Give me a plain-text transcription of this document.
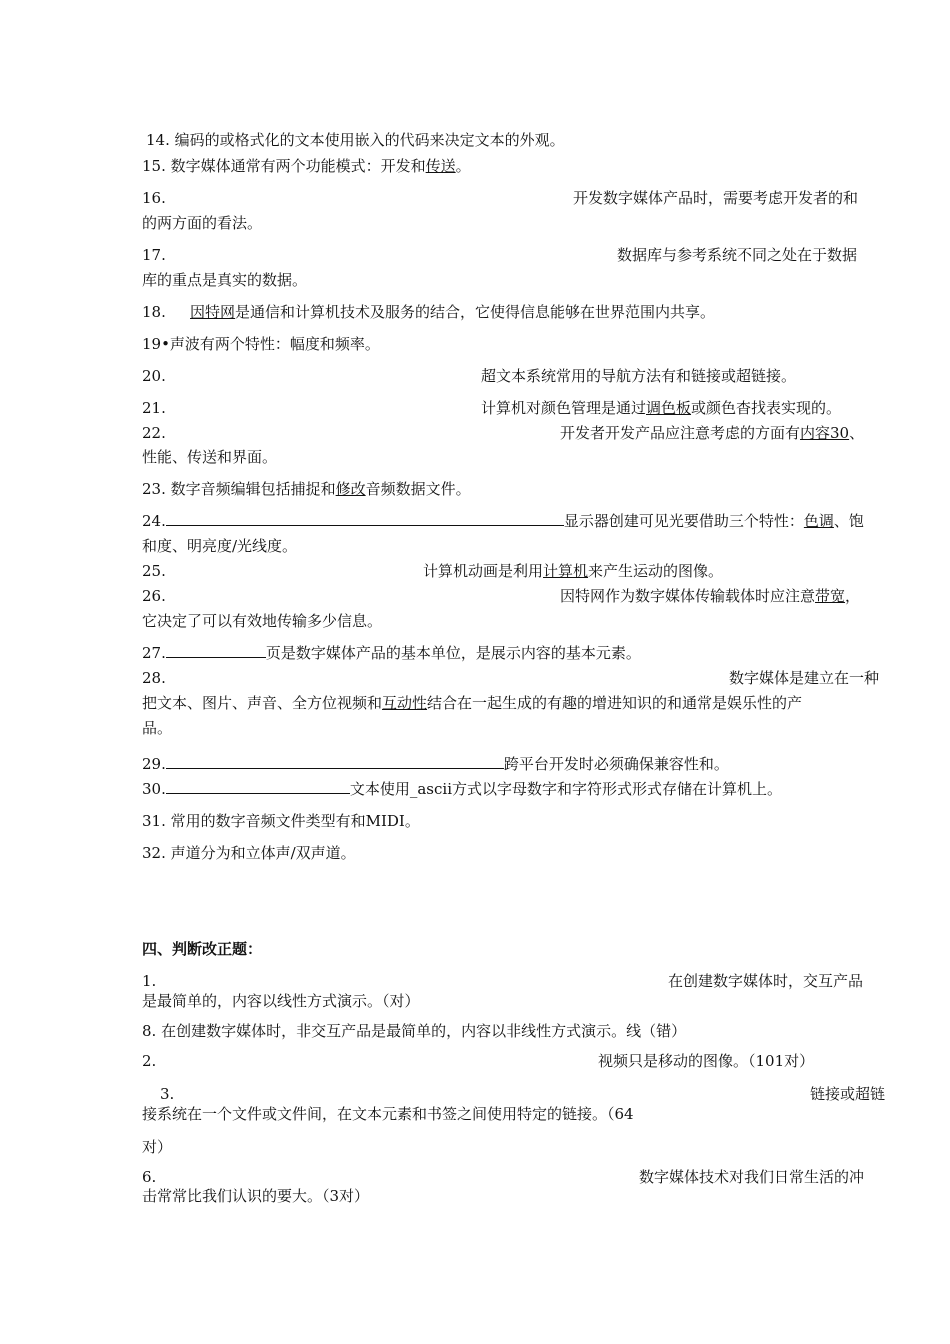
14. 编码的或格式化的文本使用嵌入的代码来决定文本的外观。
15. 数字媒体通常有两个功能模式：开发和传送。
16.	开发数字媒体产品时，需要考虑开发者的和
的两方面的看法。
17.	数据库与参考系统不同之处在于数据
库的重点是真实的数据。
18. 因特网是通信和计算机技术及服务的结合，它使得信息能够在世界范围内共享。
19•声波有两个特性：幅度和频率。
20.	超文本系统常用的导航方法有和链接或超链接。
21.	计算机对颜色管理是通过调色板或颜色杳找表实现的。
22.	开发者开发产品应注意考虑的方面有内容30、
性能、传送和界面。
23. 数字音频编辑包括捕捉和修改音频数据文件。
24.	显示器创建可见光要借助三个特性：色调、饱
和度、明亮度/光线度。
25.	计算机动画是利用计算机来产生运动的图像。
26.	因特网作为数字媒体传输载体时应注意带宽，
它决定了可以有效地传输多少信息。
27.	页是数字媒体产品的基本单位，是展示内容的基本元素。
28.	数字媒体是建立在一种
把文本、图片、声音、全方位视频和互动性结合在一起生成的有趣的增进知识的和通常是娱乐性的产
品。
29.	跨平台开发时必须确保兼容性和。
30.	文本使用_ascii方式以字母数字和字符形式形式存储在计算机上。
31. 常用的数字音频文件类型有和MIDI。
32. 声道分为和立体声/双声道。
四、判断改正题：
1.	在创建数字媒体时，交互产品
是最简单的，内容以线性方式演示。（对）
8. 在创建数字媒体时，非交互产品是最简单的，内容以非线性方式演示。线（错）
2.	视频只是移动的图像。（101对）
3.	链接或超链
接系统在一个文件或文件间，在文本元素和书签之间使用特定的链接。（64
对）
6.	数字媒体技术对我们日常生活的冲
击常常比我们认识的要大。（3对）
